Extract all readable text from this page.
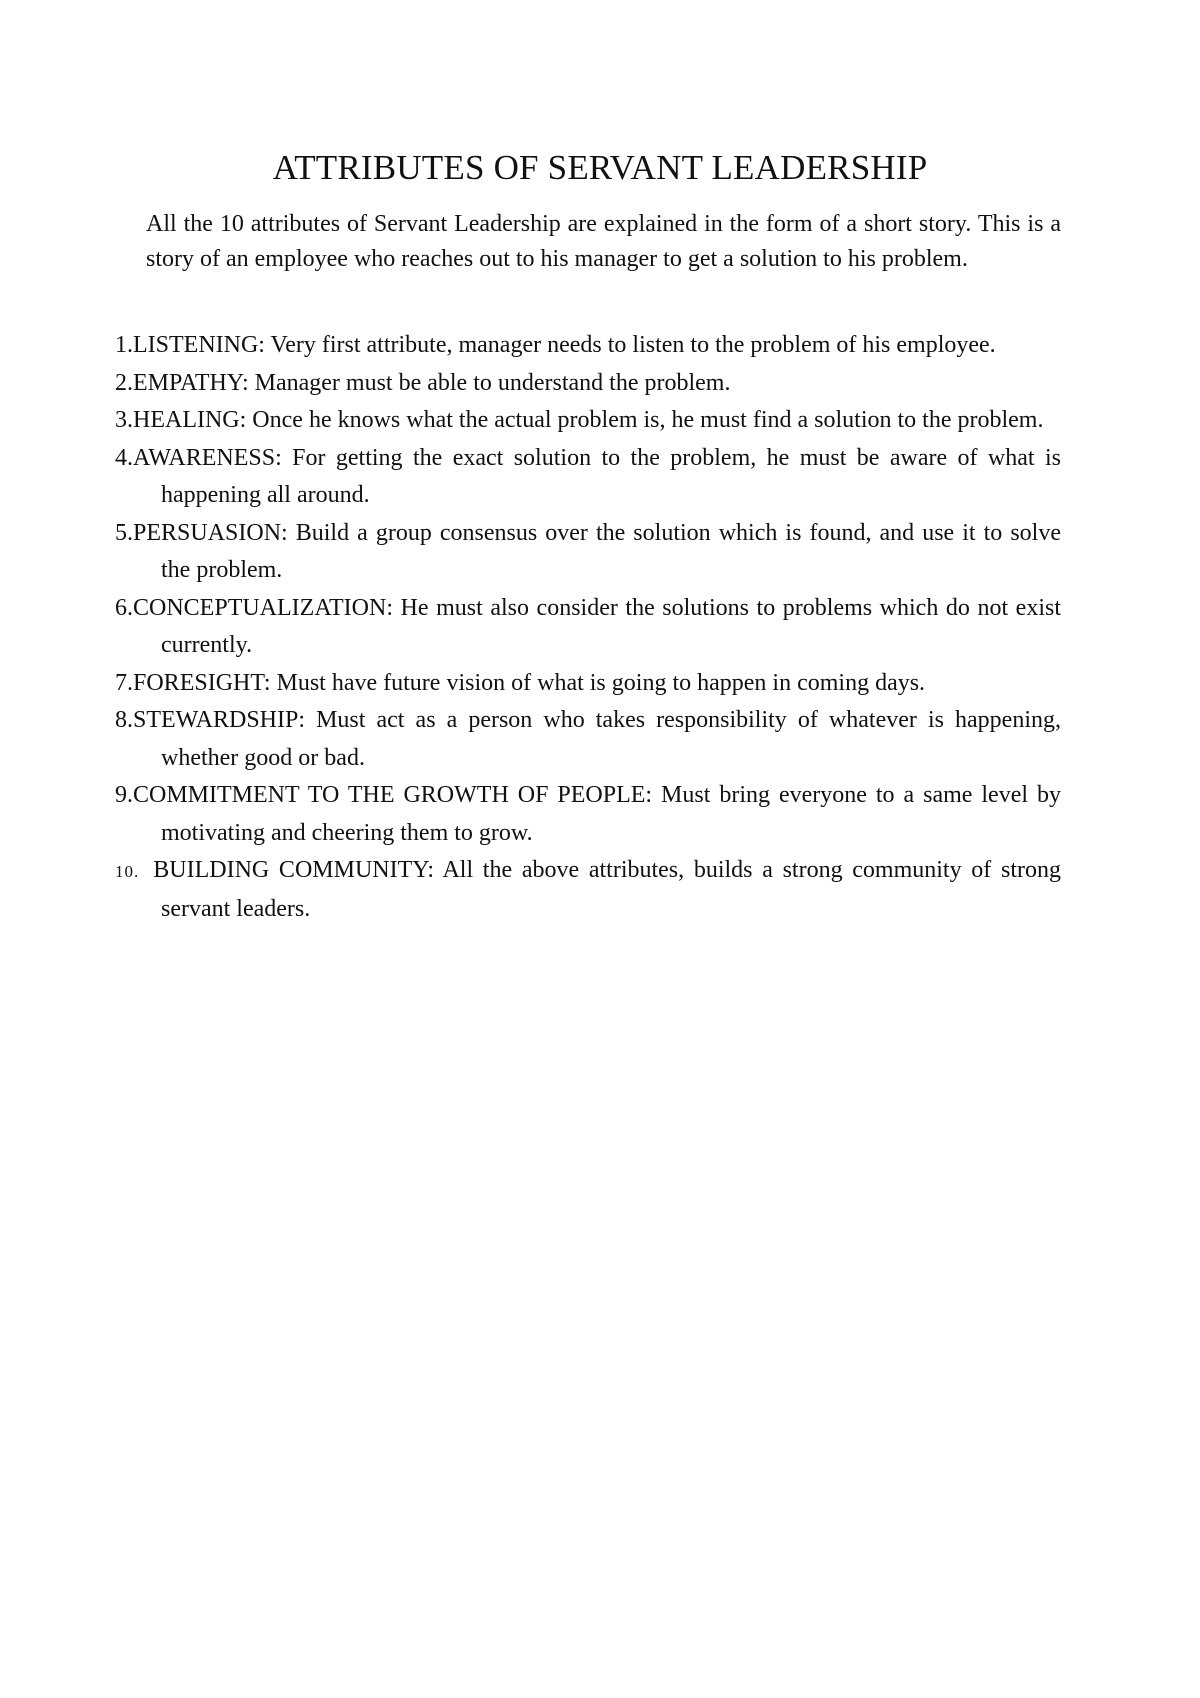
ATTRIBUTES OF SERVANT LEADERSHIP

All the 10 attributes of Servant Leadership are explained in the form of a short story. This is a story of an employee who reaches out to his manager to get a solution to his problem.

1.LISTENING: Very first attribute, manager needs to listen to the problem of his employee.
2.EMPATHY: Manager must be able to understand the problem.
3.HEALING: Once he knows what the actual problem is, he must find a solution to the problem.
4.AWARENESS: For getting the exact solution to the problem, he must be aware of what is happening all around.
5.PERSUASION: Build a group consensus over the solution which is found, and use it to solve the problem.
6.CONCEPTUALIZATION: He must also consider the solutions to problems which do not exist currently.
7.FORESIGHT: Must have future vision of what is going to happen in coming days.
8.STEWARDSHIP: Must act as a person who takes responsibility of whatever is happening, whether good or bad.
9.COMMITMENT TO THE GROWTH OF PEOPLE: Must bring everyone to a same level by motivating and cheering them to grow.
10. BUILDING COMMUNITY: All the above attributes, builds a strong community of strong servant leaders.
